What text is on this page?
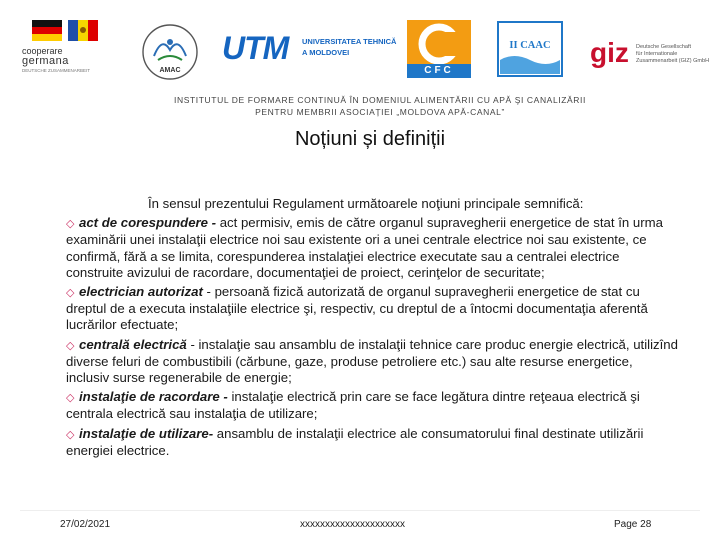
cooperare
germana
DEUTSCHE ZUSAMMENARBEIT	AMAC
UTM UNIVERSITATEA TEHNICĂ
A MOLDOVEI
CFC
II CAAC	giz Deutsche Gesellschaft
für Internationale
Zusammenarbeit (GIZ) GmbH
INSTITUTUL DE FORMARE CONTINUĂ ÎN DOMENIUL ALIMENTĂRII CU APĂ ŞI CANALIZĂRII
PENTRU MEMBRII ASOCIAȚIEI „MOLDOVA APĂ-CANAL”
Noțiuni și definiții
În sensul prezentului Regulament următoarele noţiuni principale semnifică:
◇ act de corespundere - act permisiv, emis de către organul supravegherii energetice de stat în urma examinării unei instalaţii electrice noi sau existente ori a unei centrale electrice noi sau existente, ce confirmă, fără a se limita, corespunderea instalaţiei electrice executate sau a centralei electrice construite avizului de racordare, documentaţiei de proiect, cerinţelor de securitate;
◇ electrician autorizat - persoană fizică autorizată de organul supravegherii energetice de stat cu dreptul de a executa instalaţiile electrice şi, respectiv, cu dreptul de a întocmi documentaţia aferentă lucrărilor efectuate;
◇ centrală electrică - instalaţie sau ansamblu de instalaţii tehnice care produc energie electrică, utilizînd diverse feluri de combustibili (cărbune, gaze, produse petroliere etc.) sau alte resurse energetice, inclusiv surse regenerabile de energie;
◇ instalaţie de racordare - instalaţie electrică prin care se face legătura dintre reţeaua electrică şi centrala electrică sau instalaţia de utilizare;
◇ instalaţie de utilizare- ansamblu de instalaţii electrice ale consumatorului final destinate utilizării energiei electrice.
27/02/2021	xxxxxxxxxxxxxxxxxxxxx	Page 28
